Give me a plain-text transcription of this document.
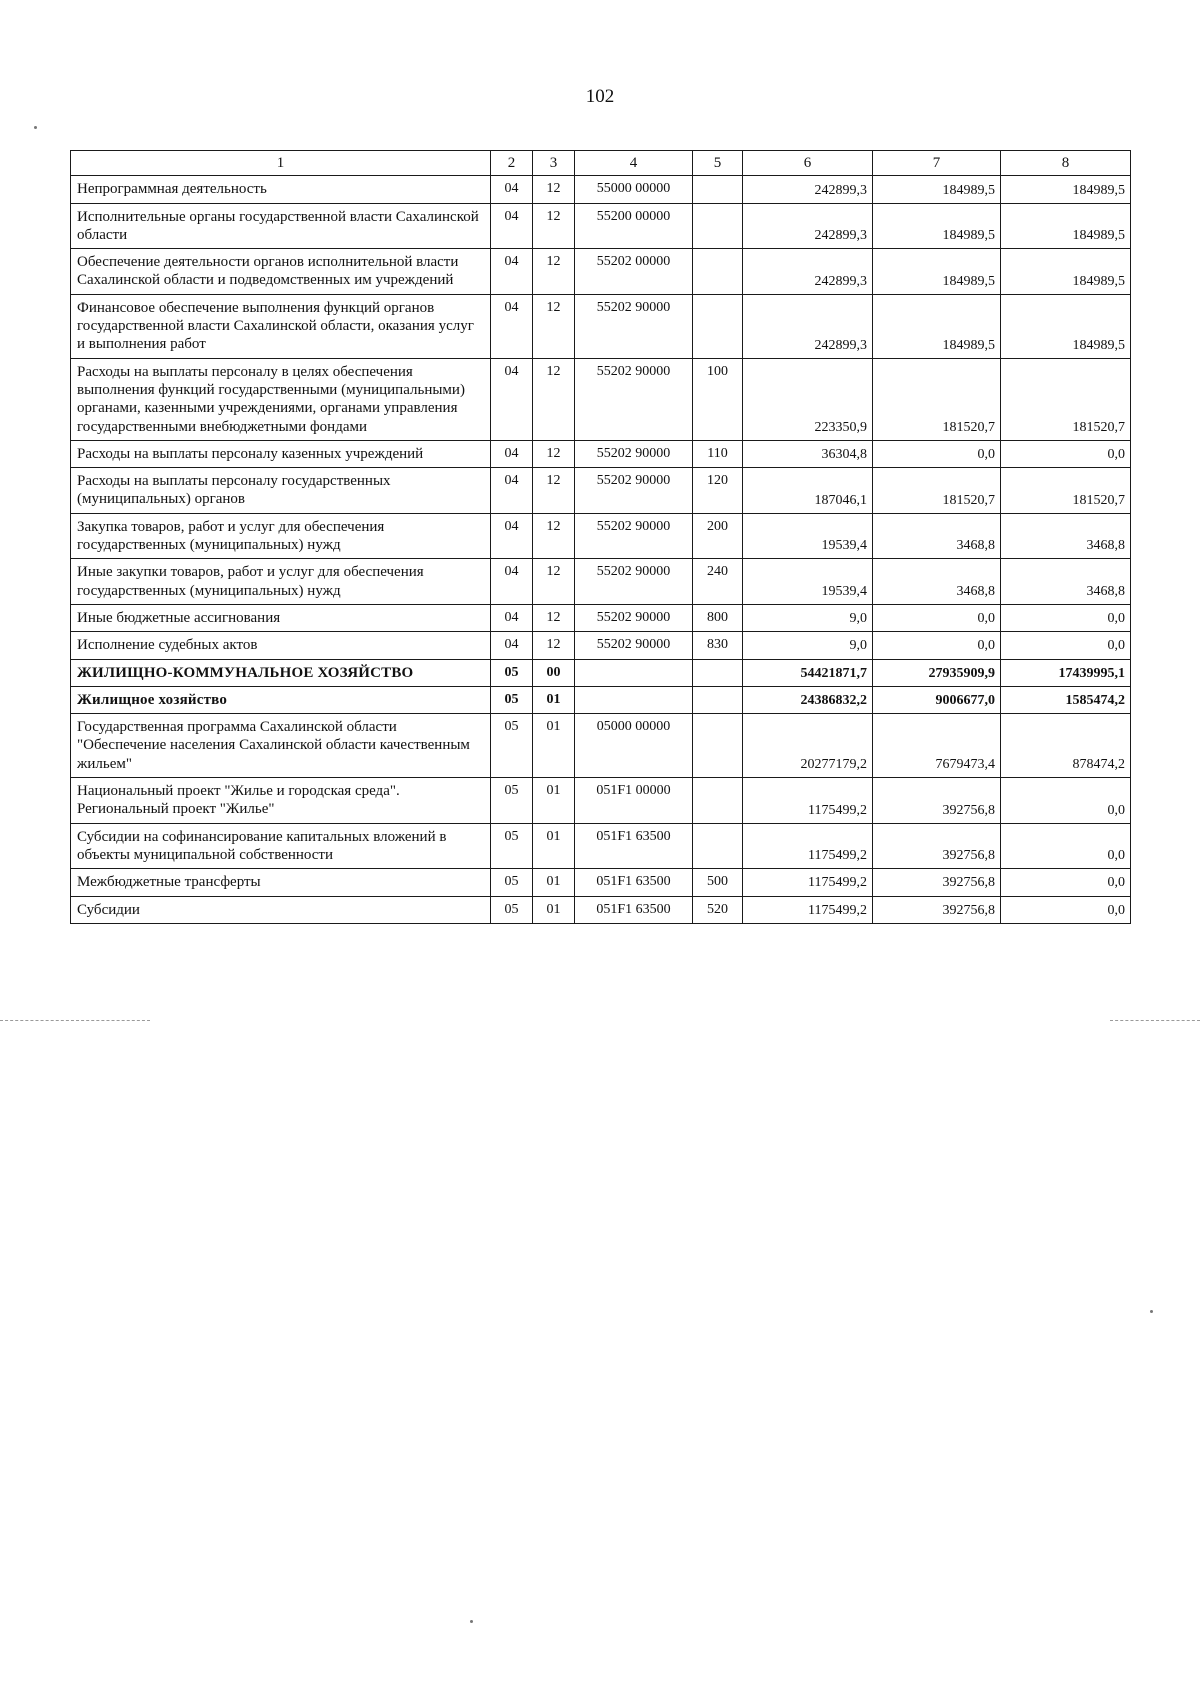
102
1	2	3	4	5	6	7	8
Непрограммная деятельность	04	12	55000 00000		242899,3	184989,5	184989,5
Исполнительные органы государственной власти Сахалинской области	04	12	55200 00000		242899,3	184989,5	184989,5
Обеспечение деятельности органов исполнительной власти Сахалинской области и подведомственных им учреждений	04	12	55202 00000		242899,3	184989,5	184989,5
Финансовое обеспечение выполнения функций органов государственной власти Сахалинской области, оказания услуг и выполнения работ	04	12	55202 90000		242899,3	184989,5	184989,5
Расходы на выплаты персоналу в целях обеспечения выполнения функций государственными (муниципальными) органами, казенными учреждениями, органами управления государственными внебюджетными фондами	04	12	55202 90000	100	223350,9	181520,7	181520,7
Расходы на выплаты персоналу казенных учреждений	04	12	55202 90000	110	36304,8	0,0	0,0
Расходы на выплаты персоналу государственных (муниципальных) органов	04	12	55202 90000	120	187046,1	181520,7	181520,7
Закупка товаров, работ и услуг для обеспечения государственных (муниципальных) нужд	04	12	55202 90000	200	19539,4	3468,8	3468,8
Иные закупки товаров, работ и услуг для обеспечения государственных (муниципальных) нужд	04	12	55202 90000	240	19539,4	3468,8	3468,8
Иные бюджетные ассигнования	04	12	55202 90000	800	9,0	0,0	0,0
Исполнение судебных актов	04	12	55202 90000	830	9,0	0,0	0,0
ЖИЛИЩНО-КОММУНАЛЬНОЕ ХОЗЯЙСТВО	05	00			54421871,7	27935909,9	17439995,1
Жилищное хозяйство	05	01			24386832,2	9006677,0	1585474,2
Государственная программа Сахалинской области "Обеспечение населения Сахалинской области качественным жильем"	05	01	05000 00000		20277179,2	7679473,4	878474,2
Национальный проект "Жилье и городская среда". Региональный проект "Жилье"	05	01	051F1 00000		1175499,2	392756,8	0,0
Субсидии на софинансирование капитальных вложений в объекты муниципальной собственности	05	01	051F1 63500		1175499,2	392756,8	0,0
Межбюджетные трансферты	05	01	051F1 63500	500	1175499,2	392756,8	0,0
Субсидии	05	01	051F1 63500	520	1175499,2	392756,8	0,0
